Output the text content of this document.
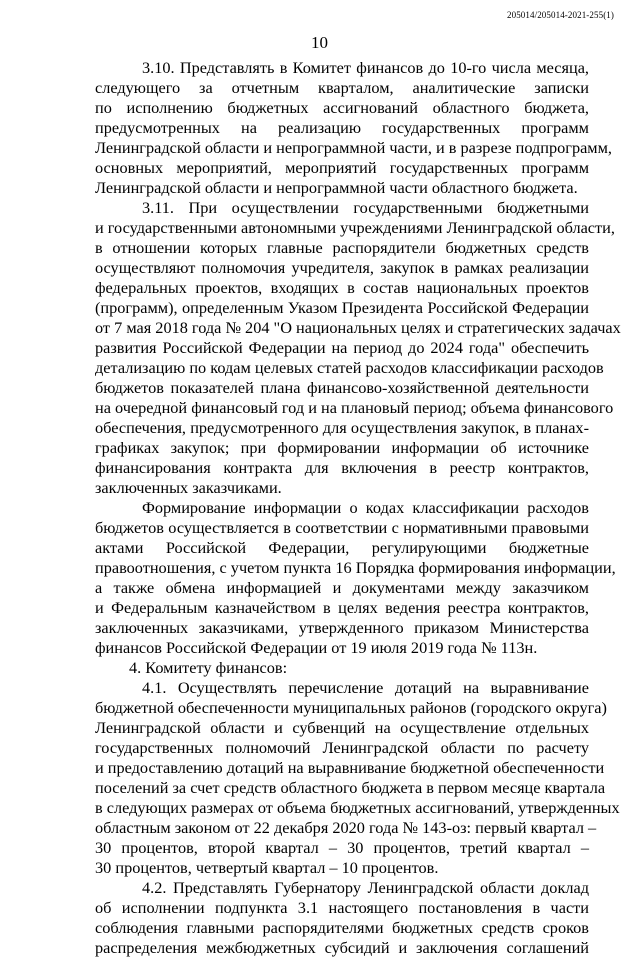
205014/205014-2021-255(1)
10
3.10. Представлять в Комитет финансов до 10-го числа месяца,
следующего за отчетным кварталом, аналитические записки
по исполнению бюджетных ассигнований областного бюджета,
предусмотренных на реализацию государственных программ
Ленинградской области и непрограммной части, и в разрезе подпрограмм,
основных мероприятий, мероприятий государственных программ
Ленинградской области и непрограммной части областного бюджета.
3.11. При осуществлении государственными бюджетными
и государственными автономными учреждениями Ленинградской области,
в отношении которых главные распорядители бюджетных средств
осуществляют полномочия учредителя, закупок в рамках реализации
федеральных проектов, входящих в состав национальных проектов
(программ), определенным Указом Президента Российской Федерации
от 7 мая 2018 года № 204 "О национальных целях и стратегических задачах
развития Российской Федерации на период до 2024 года" обеспечить
детализацию по кодам целевых статей расходов классификации расходов
бюджетов показателей плана финансово-хозяйственной деятельности
на очередной финансовый год и на плановый период; объема финансового
обеспечения, предусмотренного для осуществления закупок, в планах-
графиках закупок; при формировании информации об источнике
финансирования контракта для включения в реестр контрактов,
заключенных заказчиками.
Формирование информации о кодах классификации расходов
бюджетов осуществляется в соответствии с нормативными правовыми
актами Российской Федерации, регулирующими бюджетные
правоотношения, с учетом пункта 16 Порядка формирования информации,
а также обмена информацией и документами между заказчиком
и Федеральным казначейством в целях ведения реестра контрактов,
заключенных заказчиками, утвержденного приказом Министерства
финансов Российской Федерации от 19 июля 2019 года № 113н.
4. Комитету финансов:
4.1. Осуществлять перечисление дотаций на выравнивание
бюджетной обеспеченности муниципальных районов (городского округа)
Ленинградской области и субвенций на осуществление отдельных
государственных полномочий Ленинградской области по расчету
и предоставлению дотаций на выравнивание бюджетной обеспеченности
поселений за счет средств областного бюджета в первом месяце квартала
в следующих размерах от объема бюджетных ассигнований, утвержденных
областным законом от 22 декабря 2020 года № 143-оз: первый квартал –
30 процентов, второй квартал – 30 процентов, третий квартал –
30 процентов, четвертый квартал – 10 процентов.
4.2. Представлять Губернатору Ленинградской области доклад
об исполнении подпункта 3.1 настоящего постановления в части
соблюдения главными распорядителями бюджетных средств сроков
распределения межбюджетных субсидий и заключения соглашений
